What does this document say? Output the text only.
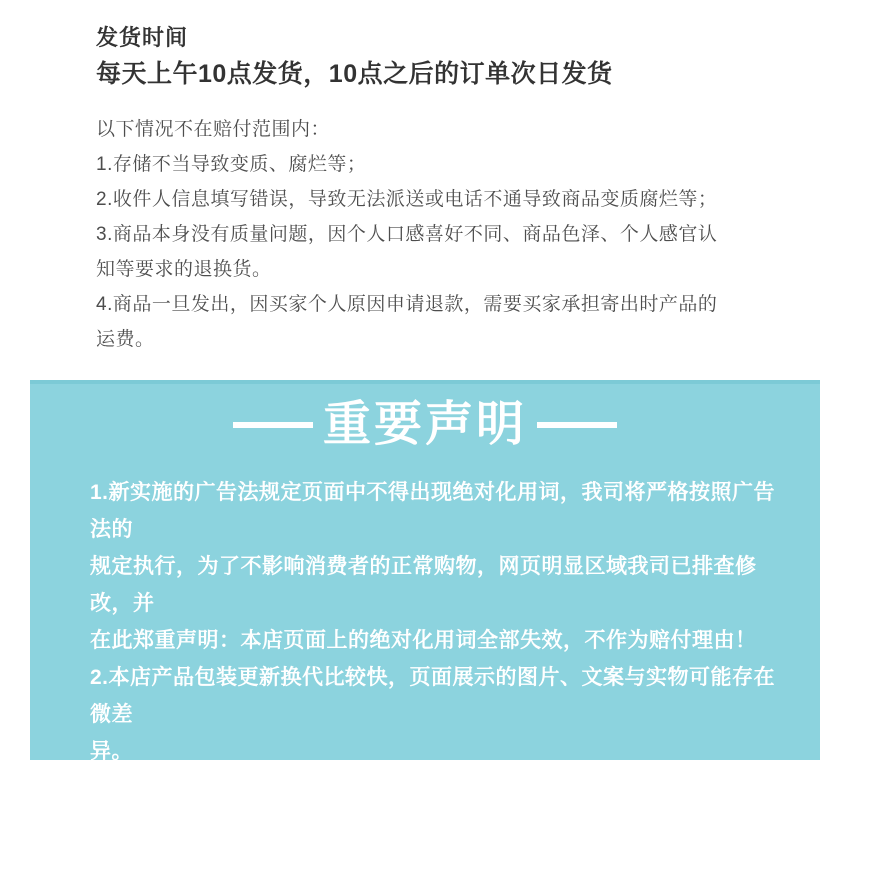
发货时间
每天上午10点发货，10点之后的订单次日发货
以下情况不在赔付范围内：
1.存储不当导致变质、腐烂等；
2.收件人信息填写错误，导致无法派送或电话不通导致商品变质腐烂等；
3.商品本身没有质量问题，因个人口感喜好不同、商品色泽、个人感官认
知等要求的退换货。
4.商品一旦发出，因买家个人原因申请退款，需要买家承担寄出时产品的
运费。
重要声明
1.新实施的广告法规定页面中不得出现绝对化用词，我司将严格按照广告法的
规定执行，为了不影响消费者的正常购物，网页明显区域我司已排查修改，并
在此郑重声明：本店页面上的绝对化用词全部失效，不作为赔付理由！
2.本店产品包装更新换代比较快，页面展示的图片、文案与实物可能存在微差
异。
3.真空包装纸箱发货，在运输的过程中可能会收到碰撞摩擦 ，产生松散或者漏
气的现象，但并不影响食用。介意的亲可以拍非真空包装哦。
